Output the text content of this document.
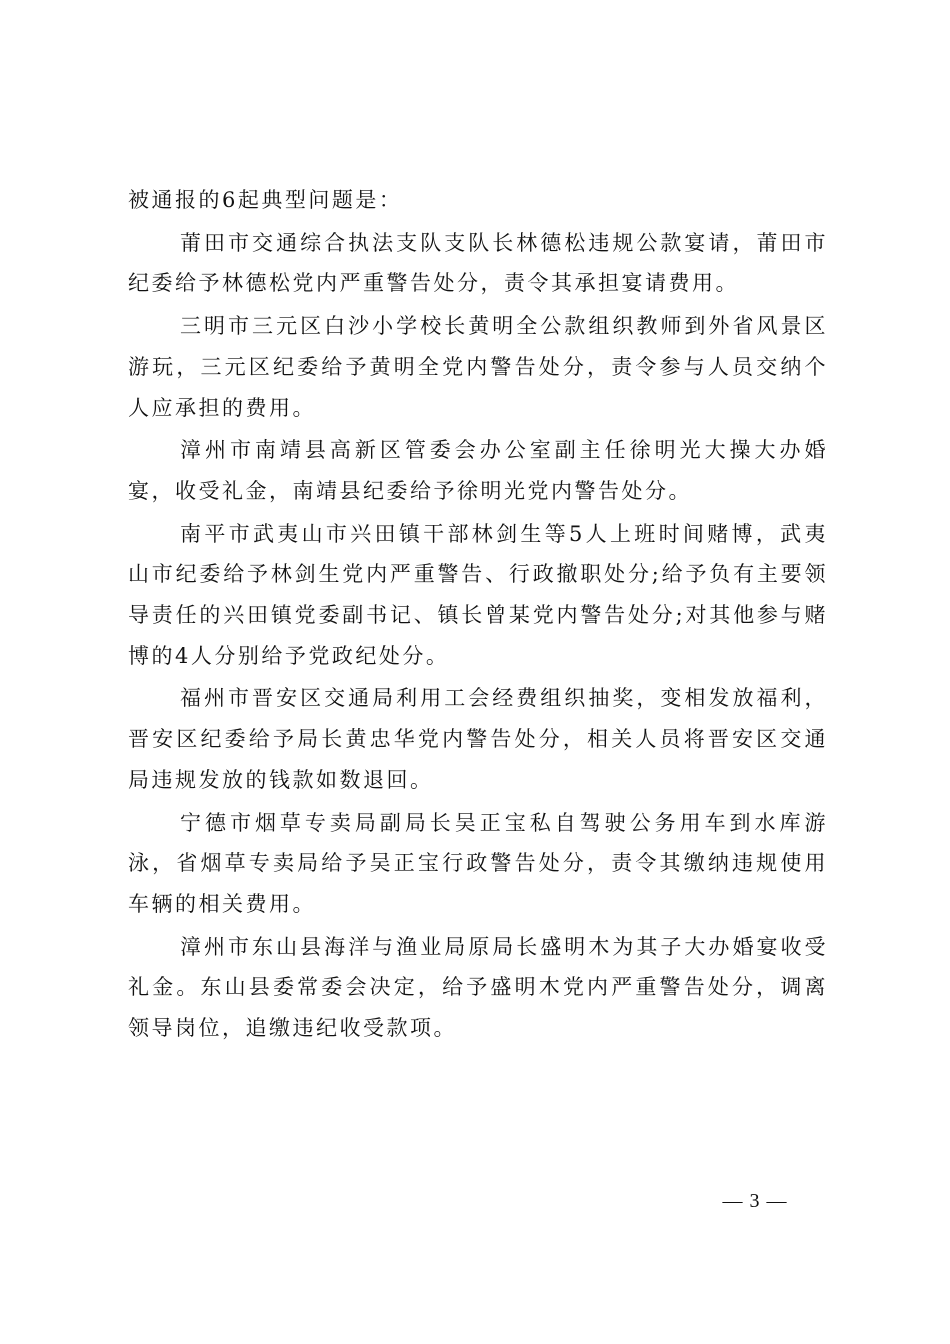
被通报的6起典型问题是：

莆田市交通综合执法支队支队长林德松违规公款宴请，莆田市纪委给予林德松党内严重警告处分，责令其承担宴请费用。

三明市三元区白沙小学校长黄明全公款组织教师到外省风景区游玩，三元区纪委给予黄明全党内警告处分，责令参与人员交纳个人应承担的费用。

漳州市南靖县高新区管委会办公室副主任徐明光大操大办婚宴，收受礼金，南靖县纪委给予徐明光党内警告处分。

南平市武夷山市兴田镇干部林剑生等5人上班时间赌博，武夷山市纪委给予林剑生党内严重警告、行政撤职处分;给予负有主要领导责任的兴田镇党委副书记、镇长曾某党内警告处分;对其他参与赌博的4人分别给予党政纪处分。

福州市晋安区交通局利用工会经费组织抽奖，变相发放福利，晋安区纪委给予局长黄忠华党内警告处分，相关人员将晋安区交通局违规发放的钱款如数退回。

宁德市烟草专卖局副局长吴正宝私自驾驶公务用车到水库游泳，省烟草专卖局给予吴正宝行政警告处分，责令其缴纳违规使用车辆的相关费用。

漳州市东山县海洋与渔业局原局长盛明木为其子大办婚宴收受礼金。东山县委常委会决定，给予盛明木党内严重警告处分，调离领导岗位，追缴违纪收受款项。

— 3 —
